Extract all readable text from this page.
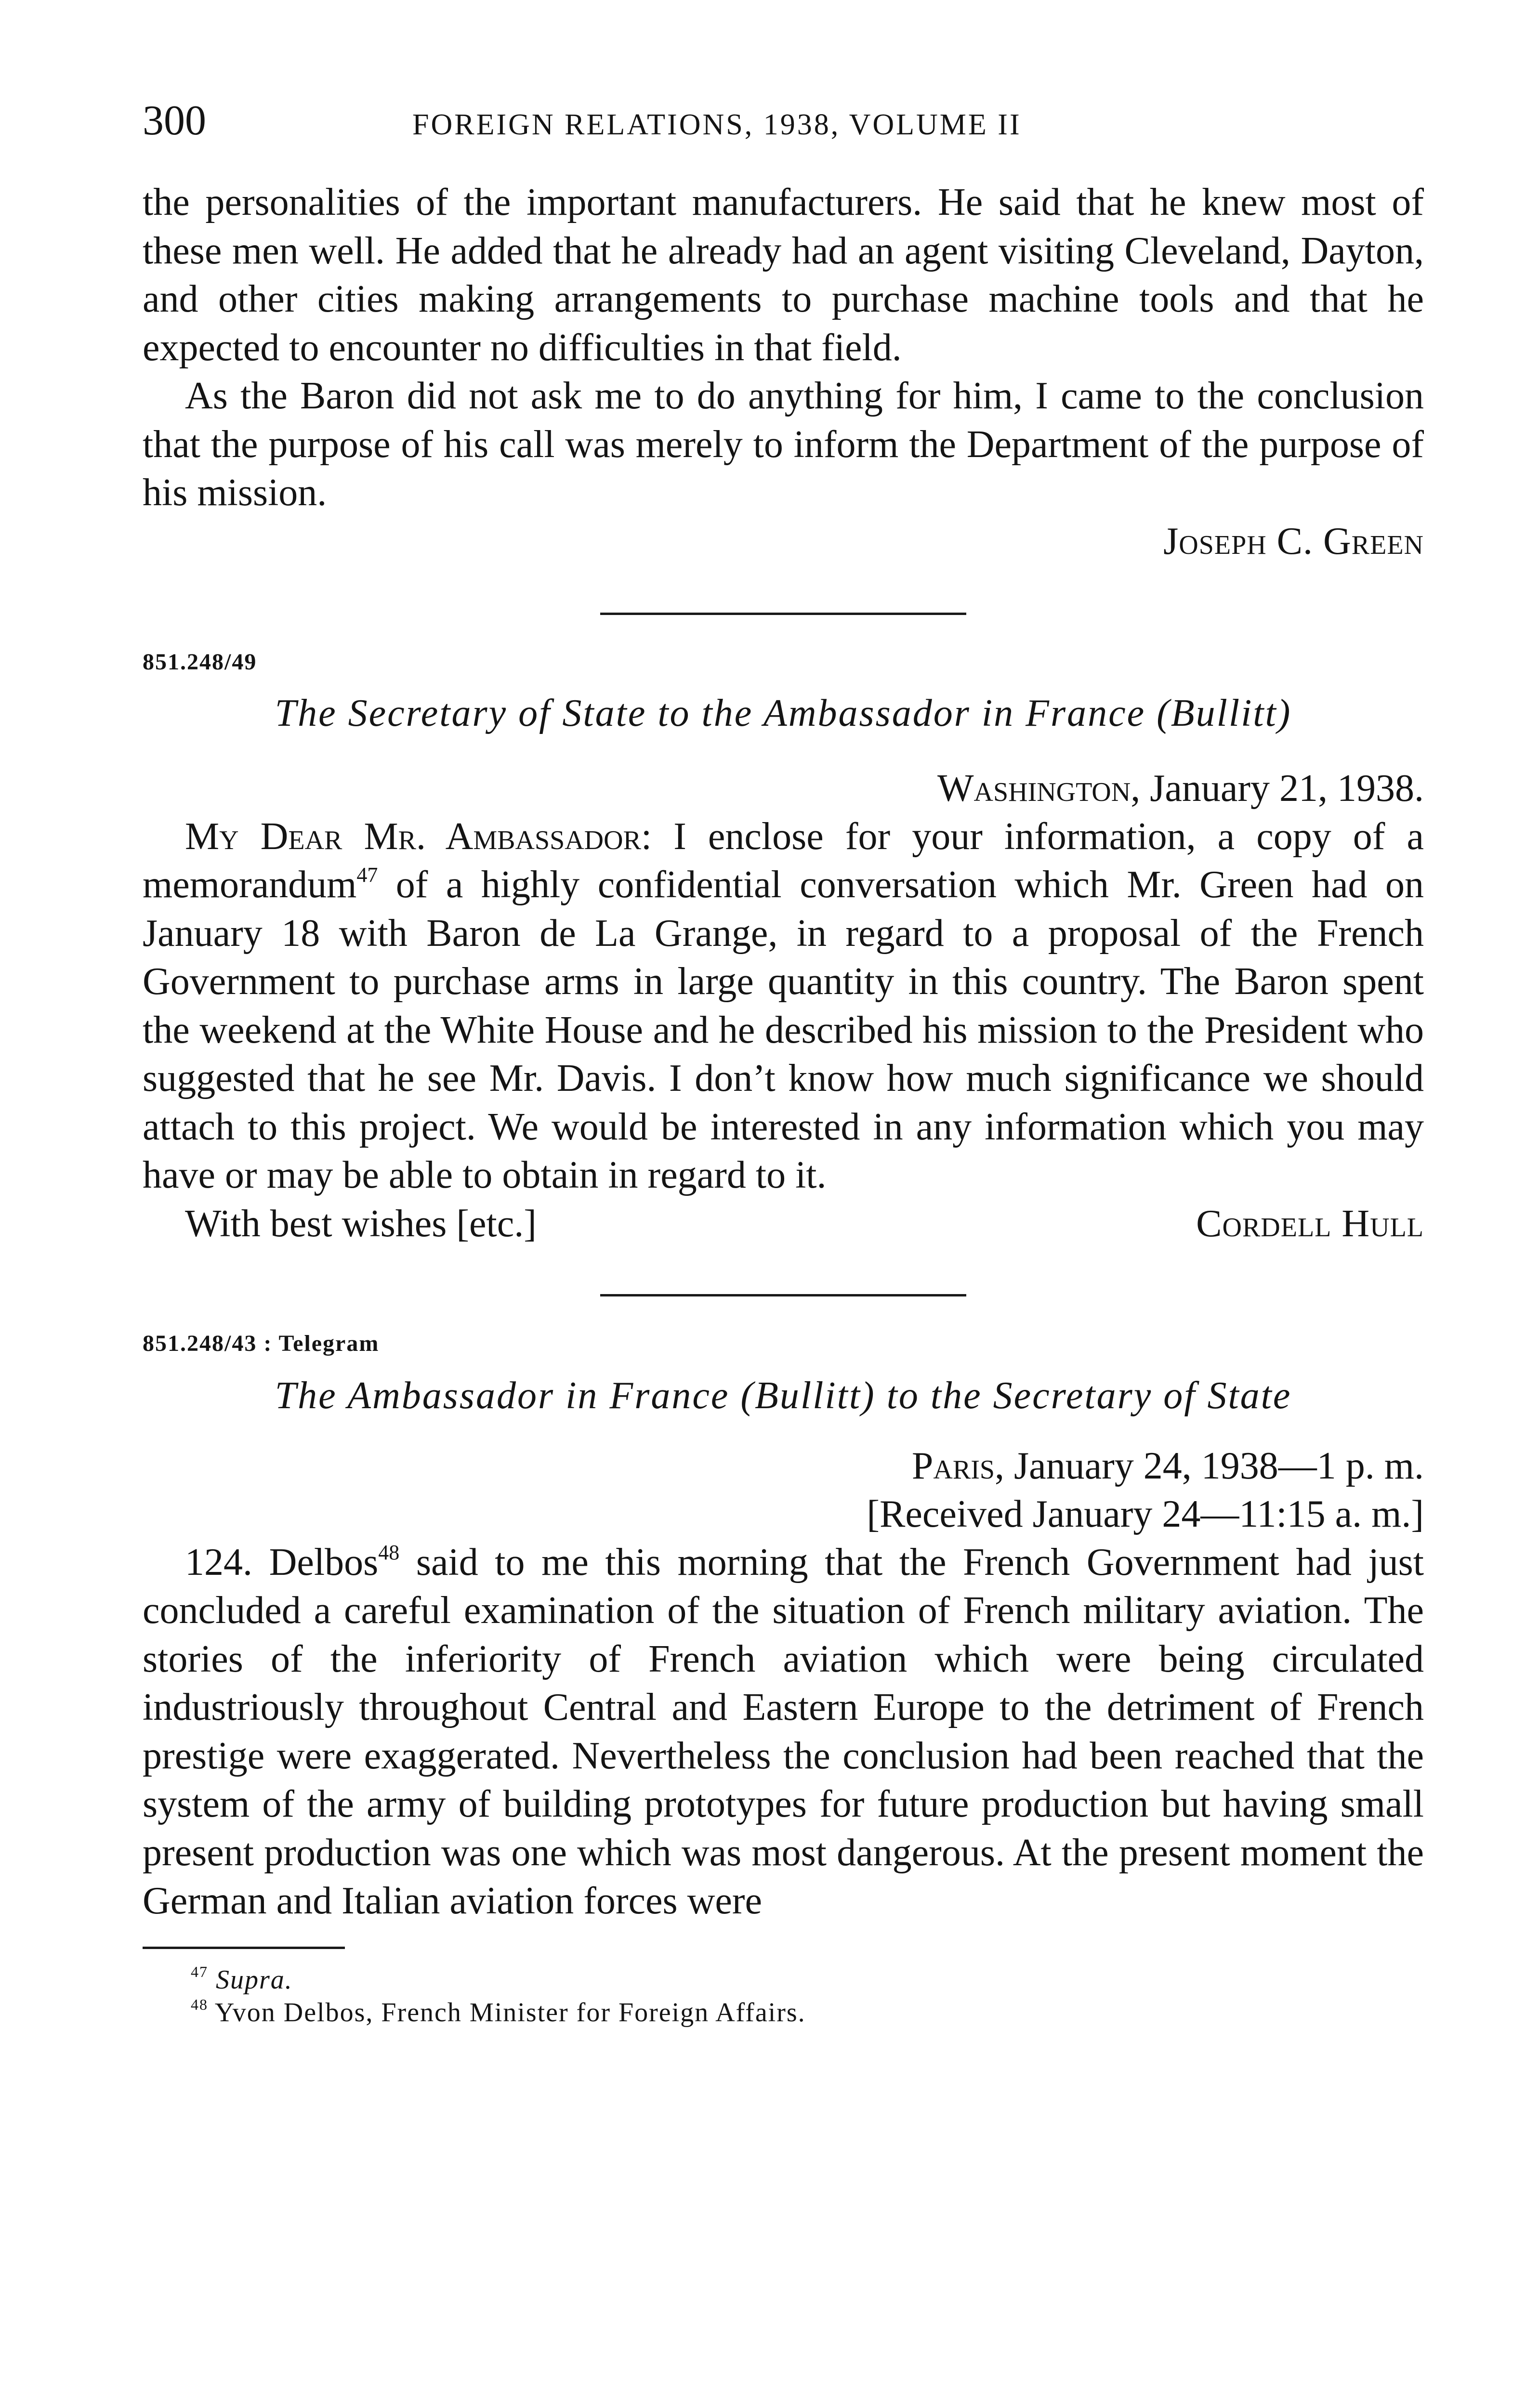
300	FOREIGN RELATIONS, 1938, VOLUME II

the personalities of the important manufacturers. He said that he knew most of these men well. He added that he already had an agent visiting Cleveland, Dayton, and other cities making arrangements to purchase machine tools and that he expected to encounter no difficulties in that field.

As the Baron did not ask me to do anything for him, I came to the conclusion that the purpose of his call was merely to inform the Department of the purpose of his mission.

Joseph C. Green
851.248/49
The Secretary of State to the Ambassador in France (Bullitt)
Washington, January 21, 1938.

My Dear Mr. Ambassador: I enclose for your information, a copy of a memorandum$^{47}$ of a highly confidential conversation which Mr. Green had on January 18 with Baron de La Grange, in regard to a proposal of the French Government to purchase arms in large quantity in this country. The Baron spent the weekend at the White House and he described his mission to the President who suggested that he see Mr. Davis. I don’t know how much significance we should attach to this project. We would be interested in any information which you may have or may be able to obtain in regard to it.

With best wishes [etc.]	Cordell Hull
851.248/43 : Telegram
The Ambassador in France (Bullitt) to the Secretary of State
Paris, January 24, 1938—1 p. m.
[Received January 24—11:15 a. m.]

124. Delbos$^{48}$ said to me this morning that the French Government had just concluded a careful examination of the situation of French military aviation. The stories of the inferiority of French aviation which were being circulated industriously throughout Central and Eastern Europe to the detriment of French prestige were exaggerated. Nevertheless the conclusion had been reached that the system of the army of building prototypes for future production but having small present production was one which was most dangerous. At the present moment the German and Italian aviation forces were

$^{47}$ Supra.
$^{48}$ Yvon Delbos, French Minister for Foreign Affairs.
